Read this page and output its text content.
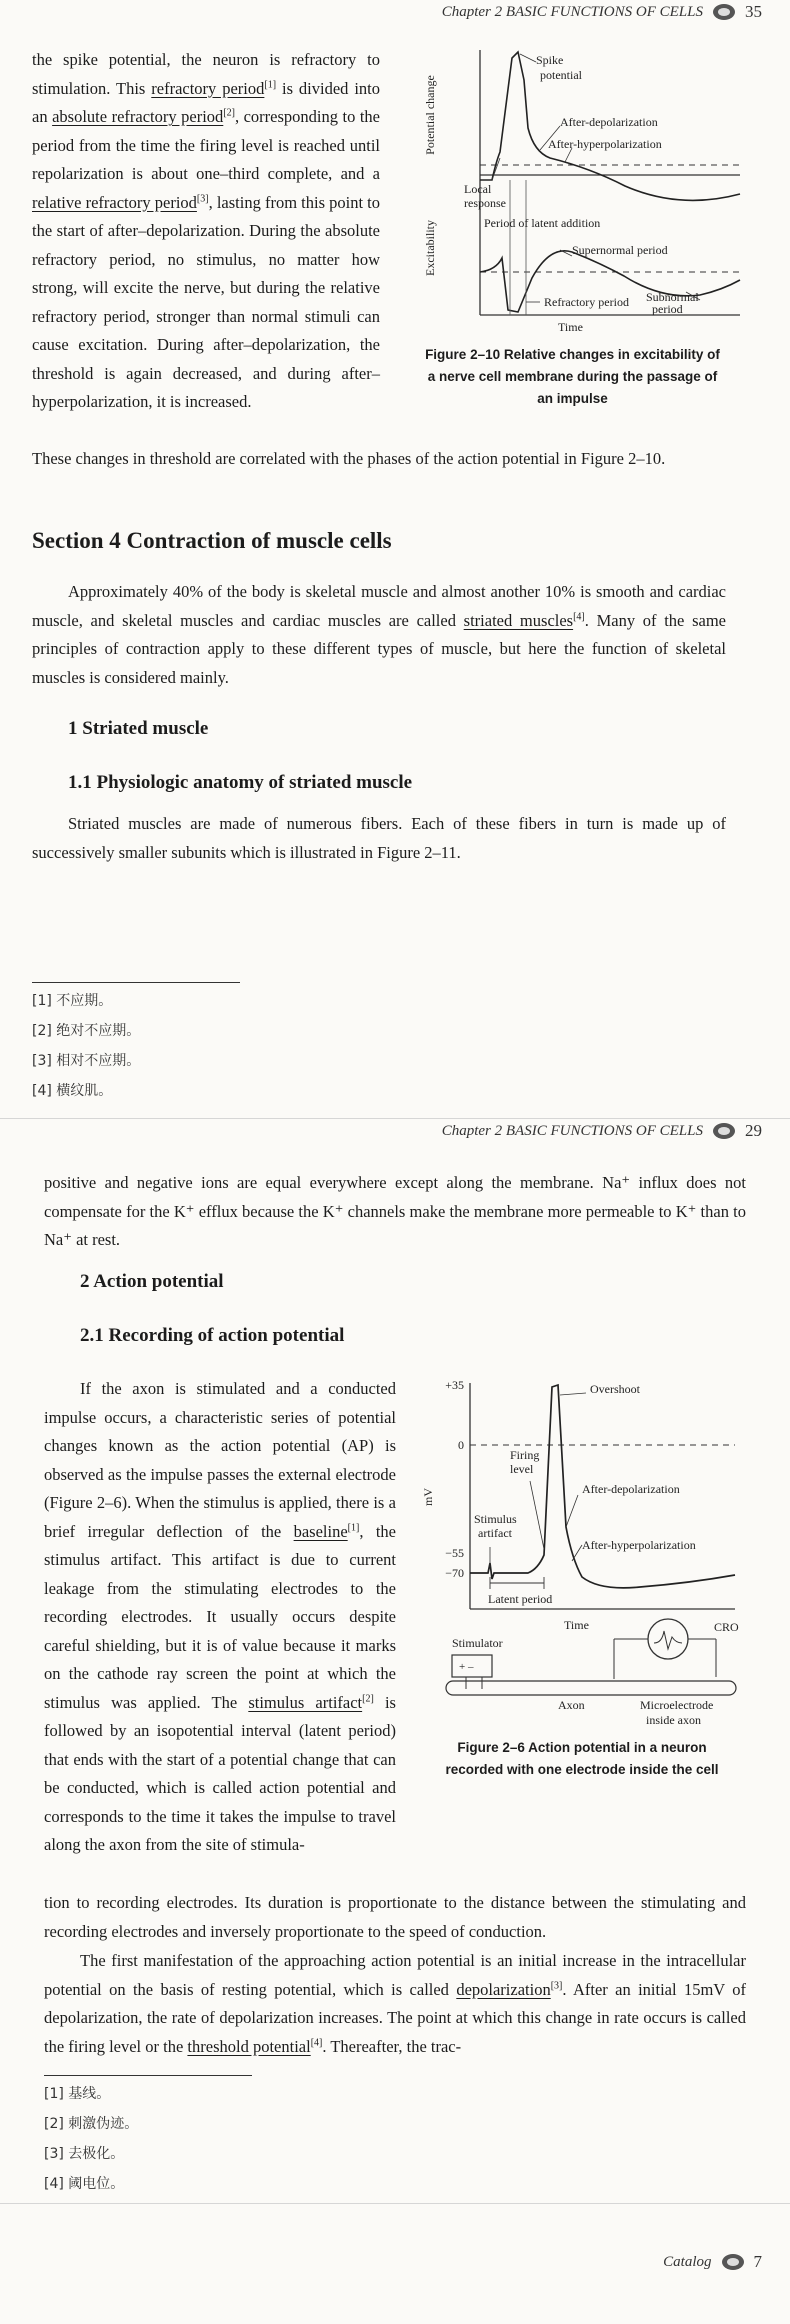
Chapter 2 BASIC FUNCTIONS OF CELLS 35

the spike potential, the neuron is refractory to stimulation. This refractory period[1] is divided into an absolute refractory period[2], corresponding to the period from the time the firing level is reached until repolarization is about one–third complete, and a relative refractory period[3], lasting from this point to the start of after–depolarization. During the absolute refractory period, no stimulus, no matter how strong, will excite the nerve, but during the relative refractory period, stronger than normal stimuli can cause excitation. During after–depolarization, the threshold is again decreased, and during after–hyperpolarization, it is increased.

These changes in threshold are correlated with the phases of the action potential in Figure 2–10.

Potential change
Excitability
Spike
potential
After-depolarization
After-hyperpolarization
Local
response
Period of latent addition
Supernormal period
Refractory period Subnormal
period
Time

Figure 2–10 Relative changes in excitability of
a nerve cell membrane during the passage of
an impulse

Section 4 Contraction of muscle cells

Approximately 40% of the body is skeletal muscle and almost another 10% is smooth and cardiac muscle, and skeletal muscles and cardiac muscles are called striated muscles[4]. Many of the same principles of contraction apply to these different types of muscle, but here the function of skeletal muscles is considered mainly.

1 Striated muscle
1.1 Physiologic anatomy of striated muscle

Striated muscles are made of numerous fibers. Each of these fibers in turn is made up of successively smaller subunits which is illustrated in Figure 2–11.

[1] 不应期。

[2] 绝对不应期。

[3] 相对不应期。

[4] 横纹肌。

Chapter 2 BASIC FUNCTIONS OF CELLS 29

positive and negative ions are equal everywhere except along the membrane. Na⁺ influx does not compensate for the K⁺ efflux because the K⁺ channels make the membrane more permeable to K⁺ than to Na⁺ at rest.

2 Action potential
2.1 Recording of action potential

If the axon is stimulated and a conducted impulse occurs, a characteristic series of potential changes known as the action potential (AP) is observed as the impulse passes the external electrode (Figure 2–6). When the stimulus is applied, there is a brief irregular deflection of the baseline[1], the stimulus artifact. This artifact is due to current leakage from the stimulating electrodes to the recording electrodes. It usually occurs despite careful shielding, but it is of value because it marks on the cathode ray screen the point at which the stimulus was applied. The stimulus artifact[2] is followed by an isopotential interval (latent period) that ends with the start of a potential change that can be conducted, which is called action potential and corresponds to the time it takes the impulse to travel along the axon from the site of stimula-

tion to recording electrodes. Its duration is proportionate to the distance between the stimulating and recording electrodes and inversely proportionate to the speed of conduction.

The first manifestation of the approaching action potential is an initial increase in the intracellular potential on the basis of resting potential, which is called depolarization[3]. After an initial 15mV of depolarization, the rate of depolarization increases. The point at which this change in rate occurs is called the firing level or the threshold potential[4]. Thereafter, the trac-

+35
0
−55
−70
mV
Overshoot
Firing
level
Stimulus
artifact
After-depolarization
After-hyperpolarization
Latent period
Time	CRO
Stimulator
+ –
Axon	Microelectrode
inside axon

Figure 2–6 Action potential in a neuron
recorded with one electrode inside the cell

[1] 基线。

[2] 刺激伪迹。

[3] 去极化。

[4] 阈电位。

Catalog 7
